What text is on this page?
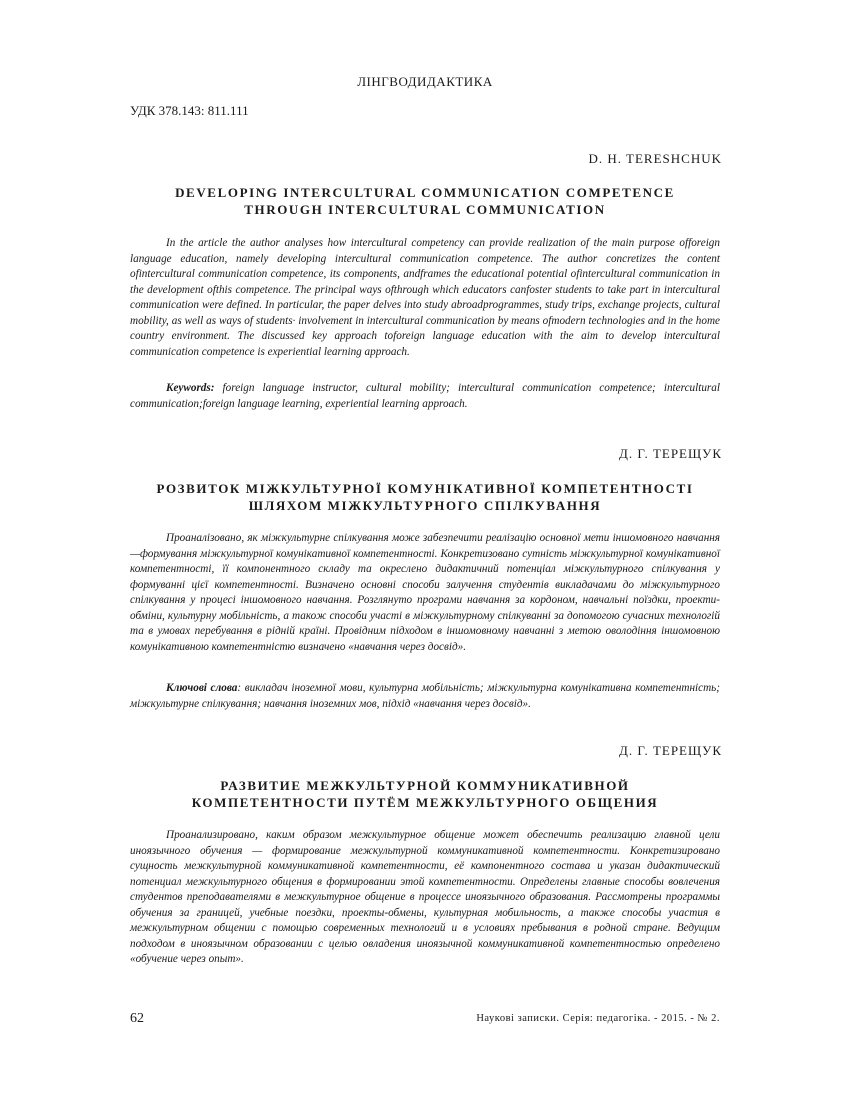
ЛІНГВОДИДАКТИКА
УДК 378.143: 811.111
D. H. TERESHCHUK
DEVELOPING INTERCULTURAL COMMUNICATION COMPETENCE
THROUGH INTERCULTURAL COMMUNICATION

In the article the author analyses how intercultural competency can provide realization of the main purpose offoreign language education, namely developing intercultural communication competence. The author concretizes the content ofintercultural communication competence, its components, andframes the educational potential ofintercultural communication in the development ofthis competence. The principal ways ofthrough which educators canfoster students to take part in intercultural communication were defined. In particular, the paper delves into study abroadprogrammes, study trips, exchange projects, cultural mobility, as well as ways of students· involvement in intercultural communication by means ofmodern technologies and in the home country environment. The discussed key approach toforeign language education with the aim to develop intercultural communication competence is experiential learning approach.

Keywords: foreign language instructor, cultural mobility; intercultural communication competence; intercultural communication;foreign language learning, experiential learning approach.

Д. Г. ТЕРЕЩУК
РОЗВИТОК МІЖКУЛЬТУРНОЇ КОМУНІКАТИВНОЇ КОМПЕТЕНТНОСТІ
ШЛЯХОМ МІЖКУЛЬТУРНОГО СПІЛКУВАННЯ

Проаналізовано, як міжкультурне спілкування може забезпечити реалізацію основної мети іншомовного навчання —формування міжкультурної комунікативної компетентності. Конкретизовано сутність міжкультурної комунікативної компетентності, її компонентного складу та окреслено дидактичний потенціал міжкультурного спілкування у формуванні цієї компетентності. Визначено основні способи залучення студентів викладачами до міжкультурного спілкування у процесі іншомовного навчання. Розглянуто програми навчання за кордоном, навчальні поїздки, проекти-обміни, культурну мобільність, а також способи участі в міжкультурному спілкуванні за допомогою сучасних технологій та в умовах перебування в рідній країні. Провідним підходом в іншомовному навчанні з метою оволодіння іншомовною комунікативною компетентністю визначено «навчання через досвід».

Ключові слова: викладач іноземної мови, культурна мобільність; міжкультурна комунікативна компетентність; міжкультурне спілкування; навчання іноземних мов, підхід «навчання через досвід».

Д. Г. ТЕРЕЩУК
РАЗВИТИЕ МЕЖКУЛЬТУРНОЙ КОММУНИКАТИВНОЙ
КОМПЕТЕНТНОСТИ ПУТЁМ МЕЖКУЛЬТУРНОГО ОБЩЕНИЯ

Проанализировано, каким образом межкультурное общение может обеспечить реализацию главной цели иноязычного обучения — формирование межкультурной коммуникативной компетентности. Конкретизировано сущность межкультурной коммуникативной компетентности, её компонентного состава и указан дидактический потенциал межкультурного общения в формировании этой компетентности. Определены главные способы вовлечения студентов преподавателями в межкультурное общение в процессе иноязычного образования. Рассмотрены программы обучения за границей, учебные поездки, проекты-обмены, культурная мобильность, а также способы участия в межкультурном общении с помощью современных технологий и в условиях пребывания в родной стране. Ведущим подходом в иноязычном образовании с целью овладения иноязычной коммуникативной компетентностью определено «обучение через опыт».

62	Наукові записки. Серія: педагогіка. - 2015. - № 2.
